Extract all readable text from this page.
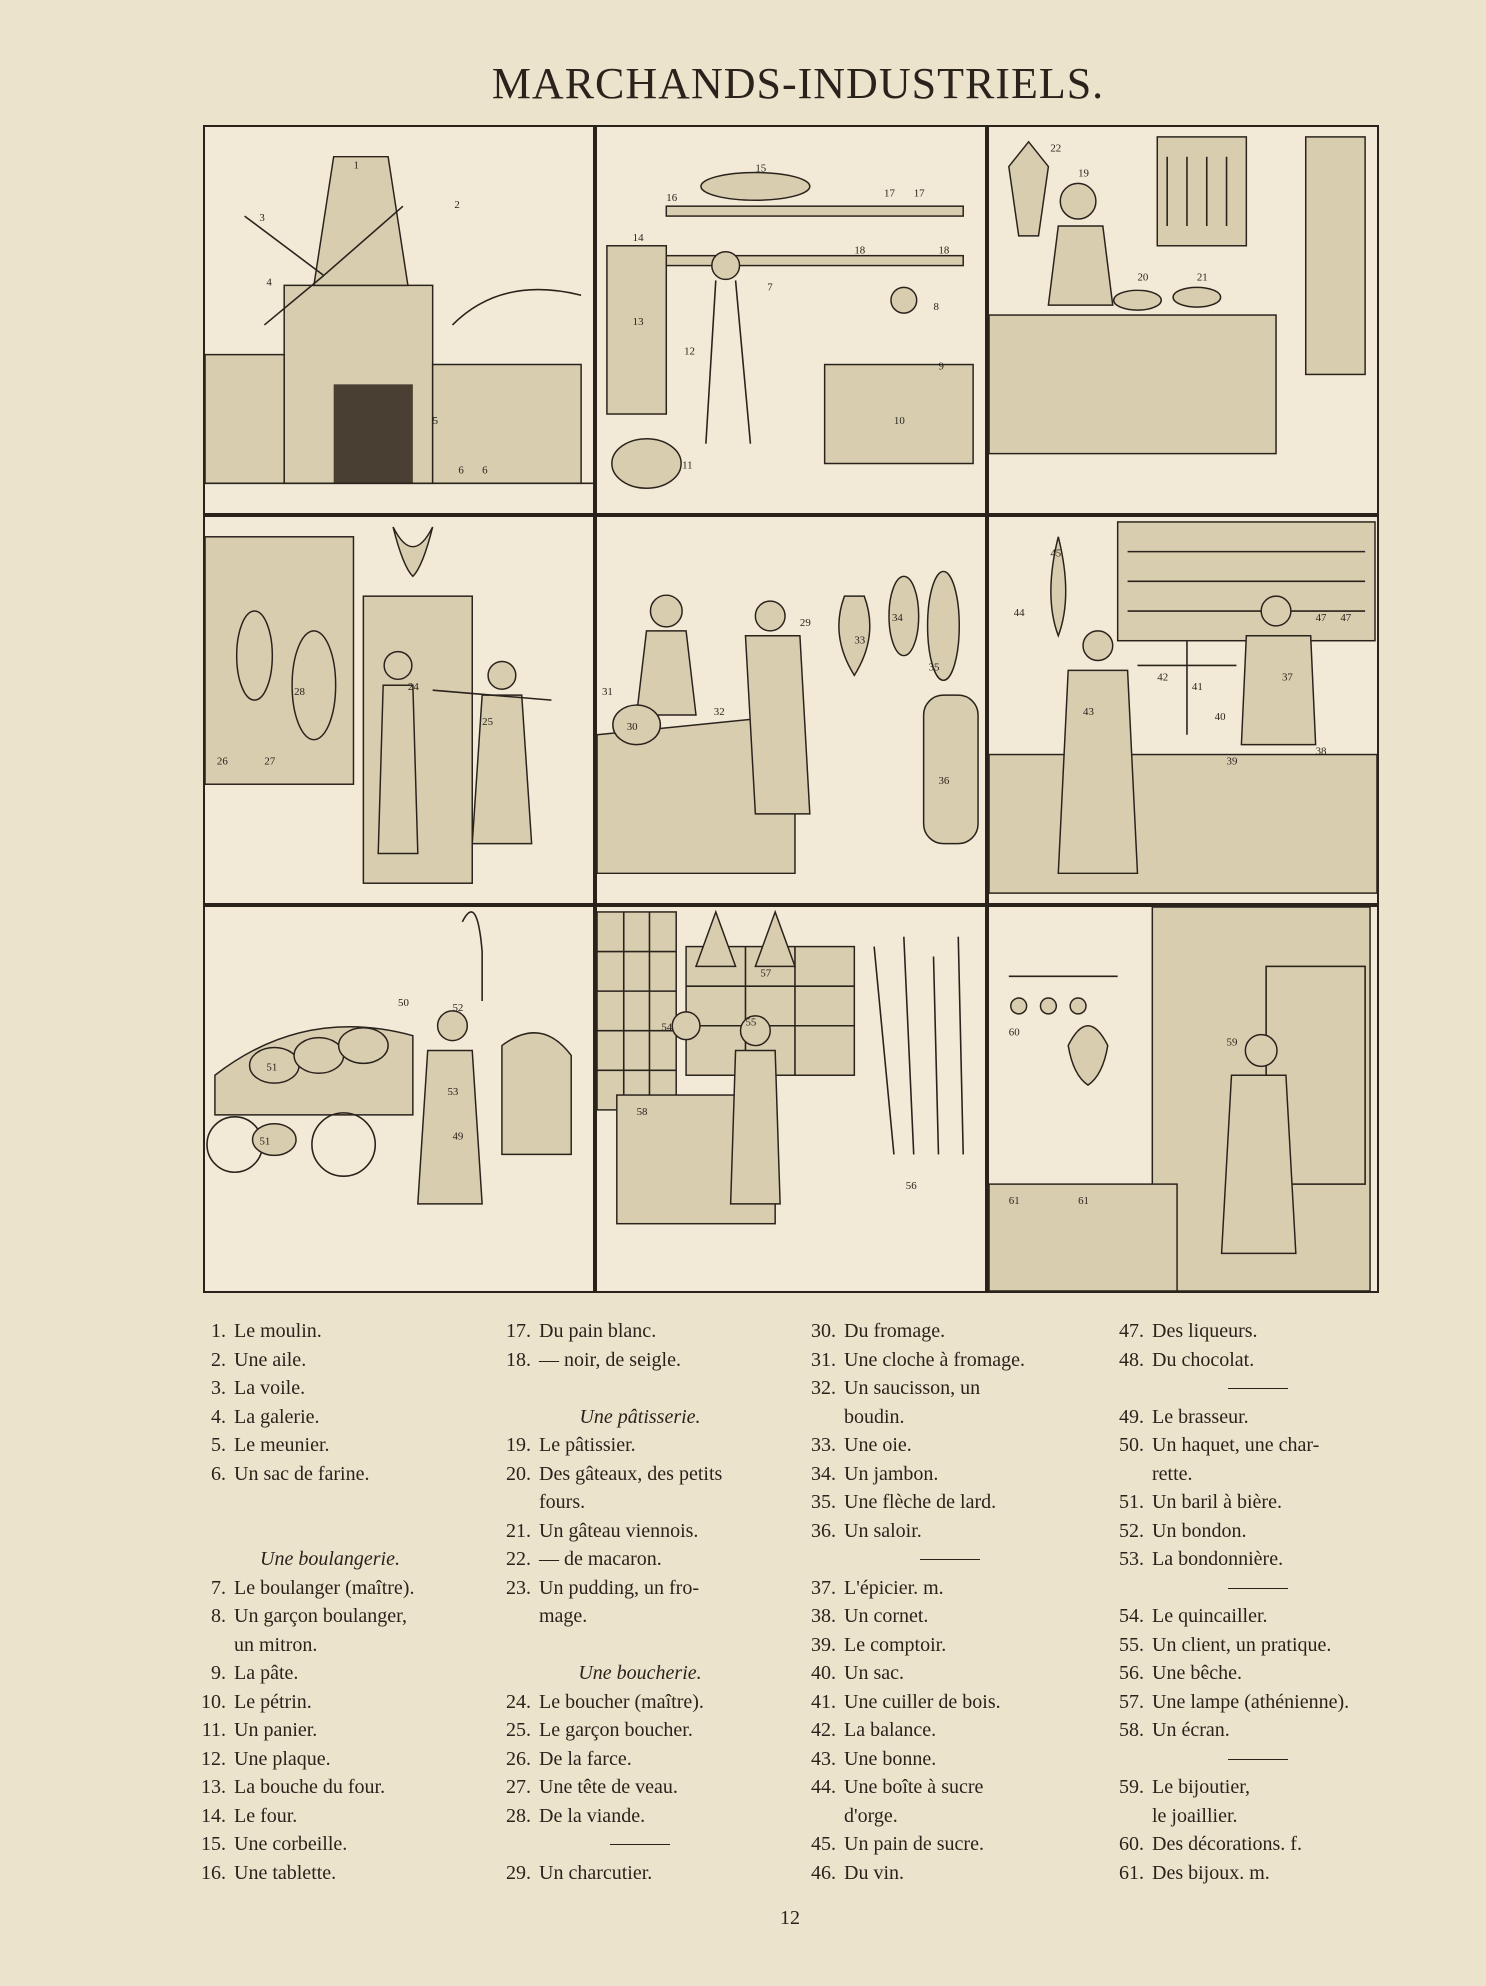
MARCHANDS-INDUSTRIELS.
1
2
3
4
5
6 6
15
16	17 17
18	18
7
8
9
10
11
12
13
14
22
19
20	21
28
26	27
24
25
29
30
31
32
33
34
35
36
45
44	47 47
37
41
40
43
42
39
38
50	52
51
51
53
49
57
54	55
58
56
60
59
61	61
1. Le moulin.
2. Une aile.
3. La voile.
4. La galerie.
5. Le meunier.
6. Un sac de farine.
Une boulangerie.
7. Le boulanger (maître).
8. Un garçon boulanger,
un mitron.
9. La pâte.
10. Le pétrin.
11. Un panier.
12. Une plaque.
13. La bouche du four.
14. Le four.
15. Une corbeille.
16. Une tablette.
17. Du pain blanc.
18. — noir, de seigle.
Une pâtisserie.
19. Le pâtissier.
20. Des gâteaux, des petits
fours.
21. Un gâteau viennois.
22. — de macaron.
23. Un pudding, un fro-
mage.
Une boucherie.
24. Le boucher (maître).
25. Le garçon boucher.
26. De la farce.
27. Une tête de veau.
28. De la viande.
29. Un charcutier.
30. Du fromage.
31. Une cloche à fromage.
32. Un saucisson, un
boudin.
33. Une oie.
34. Un jambon.
35. Une flèche de lard.
36. Un saloir.
37. L'épicier. m.
38. Un cornet.
39. Le comptoir.
40. Un sac.
41. Une cuiller de bois.
42. La balance.
43. Une bonne.
44. Une boîte à sucre
d'orge.
45. Un pain de sucre.
46. Du vin.
47. Des liqueurs.
48. Du chocolat.
49. Le brasseur.
50. Un haquet, une char-
rette.
51. Un baril à bière.
52. Un bondon.
53. La bondonnière.
54. Le quincailler.
55. Un client, un pratique.
56. Une bêche.
57. Une lampe (athénienne).
58. Un écran.
59. Le bijoutier,
le joaillier.
60. Des décorations. f.
61. Des bijoux. m.
12
